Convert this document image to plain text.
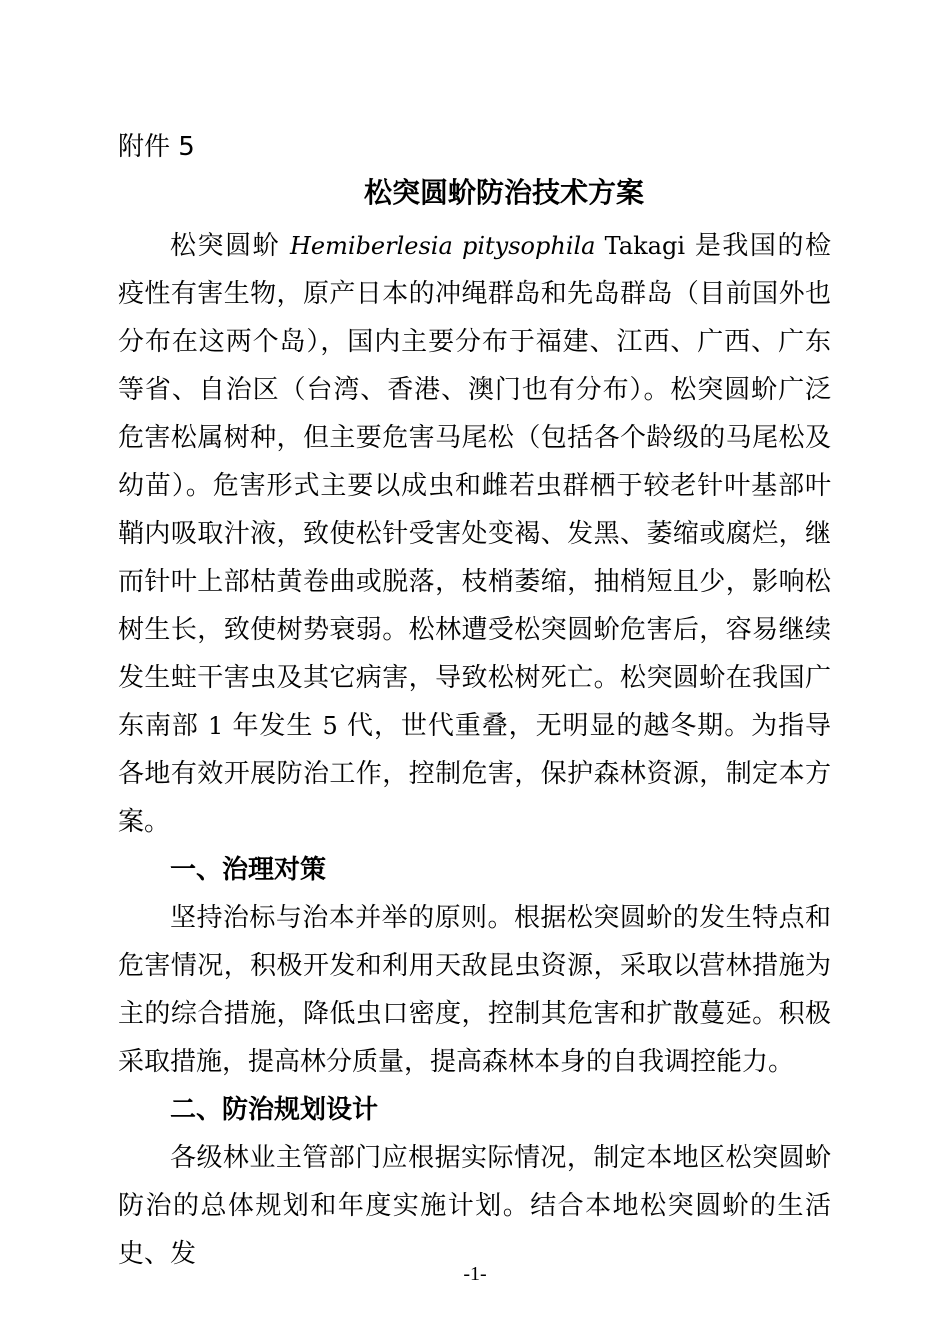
附件 5
松突圆蚧防治技术方案

松突圆蚧 Hemiberlesia pitysophila Takagi 是我国的检疫性有害生物，原产日本的冲绳群岛和先岛群岛（目前国外也分布在这两个岛），国内主要分布于福建、江西、广西、广东等省、自治区（台湾、香港、澳门也有分布）。松突圆蚧广泛危害松属树种，但主要危害马尾松（包括各个龄级的马尾松及幼苗）。危害形式主要以成虫和雌若虫群栖于较老针叶基部叶鞘内吸取汁液，致使松针受害处变褐、发黑、萎缩或腐烂，继而针叶上部枯黄卷曲或脱落，枝梢萎缩，抽梢短且少，影响松树生长，致使树势衰弱。松林遭受松突圆蚧危害后，容易继续发生蛀干害虫及其它病害，导致松树死亡。松突圆蚧在我国广东南部 1 年发生 5 代，世代重叠，无明显的越冬期。为指导各地有效开展防治工作，控制危害，保护森林资源，制定本方案。

一、治理对策

坚持治标与治本并举的原则。根据松突圆蚧的发生特点和危害情况，积极开发和利用天敌昆虫资源，采取以营林措施为主的综合措施，降低虫口密度，控制其危害和扩散蔓延。积极采取措施，提高林分质量，提高森林本身的自我调控能力。

二、防治规划设计

各级林业主管部门应根据实际情况，制定本地区松突圆蚧防治的总体规划和年度实施计划。结合本地松突圆蚧的生活史、发

-1-
